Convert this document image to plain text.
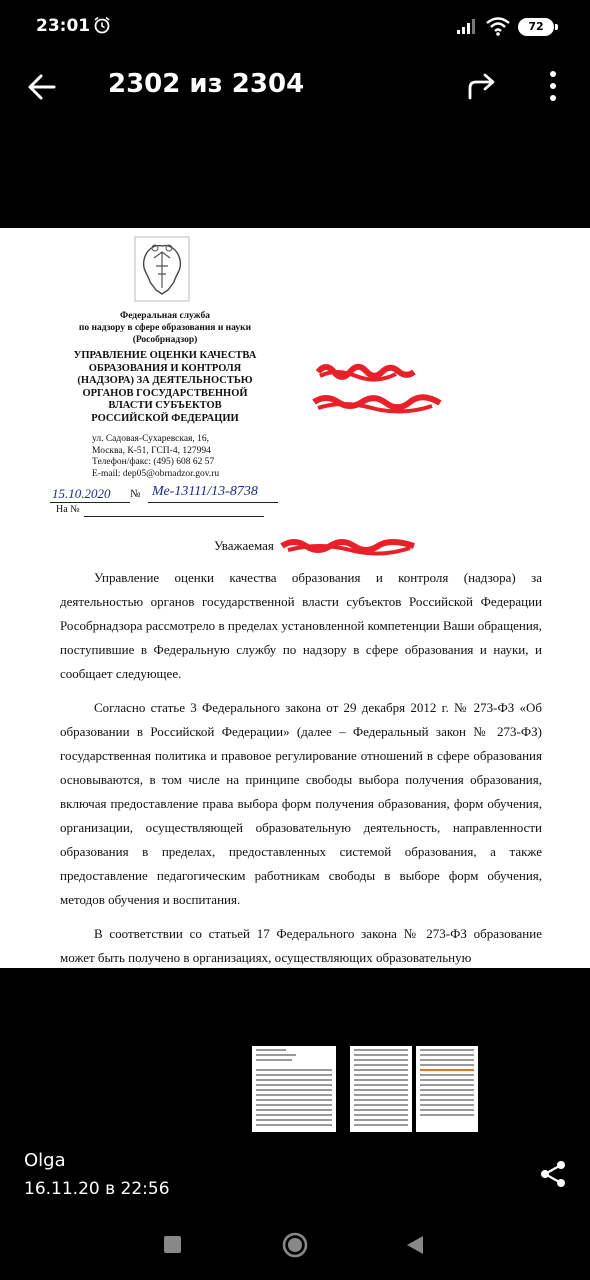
23:01	72
2302 из 2304
Федеральная служба
по надзору в сфере образования и науки
(Рособрнадзор)
УПРАВЛЕНИЕ ОЦЕНКИ КАЧЕСТВА
ОБРАЗОВАНИЯ И КОНТРОЛЯ
(НАДЗОРА) ЗА ДЕЯТЕЛЬНОСТЬЮ
ОРГАНОВ ГОСУДАРСТВЕННОЙ
ВЛАСТИ СУБЪЕКТОВ
РОССИЙСКОЙ ФЕДЕРАЦИИ
ул. Садовая-Сухаревская, 16,
Москва, К-51, ГСП-4, 127994
Телефон/факс: (495) 608 62 57
E-mail: dep05@obrnadzor.gov.ru
15.10.2020 № Ме-13111/13-8738
На №
Уважаемая

Управление оценки качества образования и контроля (надзора) за деятельностью органов государственной власти субъектов Российской Федерации Рособрнадзора рассмотрело в пределах установленной компетенции Ваши обращения, поступившие в Федеральную службу по надзору в сфере образования и науки, и сообщает следующее.

Согласно статье 3 Федерального закона от 29 декабря 2012 г. № 273-ФЗ «Об образовании в Российской Федерации» (далее – Федеральный закон № 273-ФЗ) государственная политика и правовое регулирование отношений в сфере образования основываются, в том числе на принципе свободы выбора получения образования, включая предоставление права выбора форм получения образования, форм обучения, организации, осуществляющей образовательную деятельность, направленности образования в пределах, предоставленных системой образования, а также предоставление педагогическим работникам свободы в выборе форм обучения, методов обучения и воспитания.

В соответствии со статьей 17 Федерального закона № 273-ФЗ образование может быть получено в организациях, осуществляющих образовательную

Olga
16.11.20 в 22:56
